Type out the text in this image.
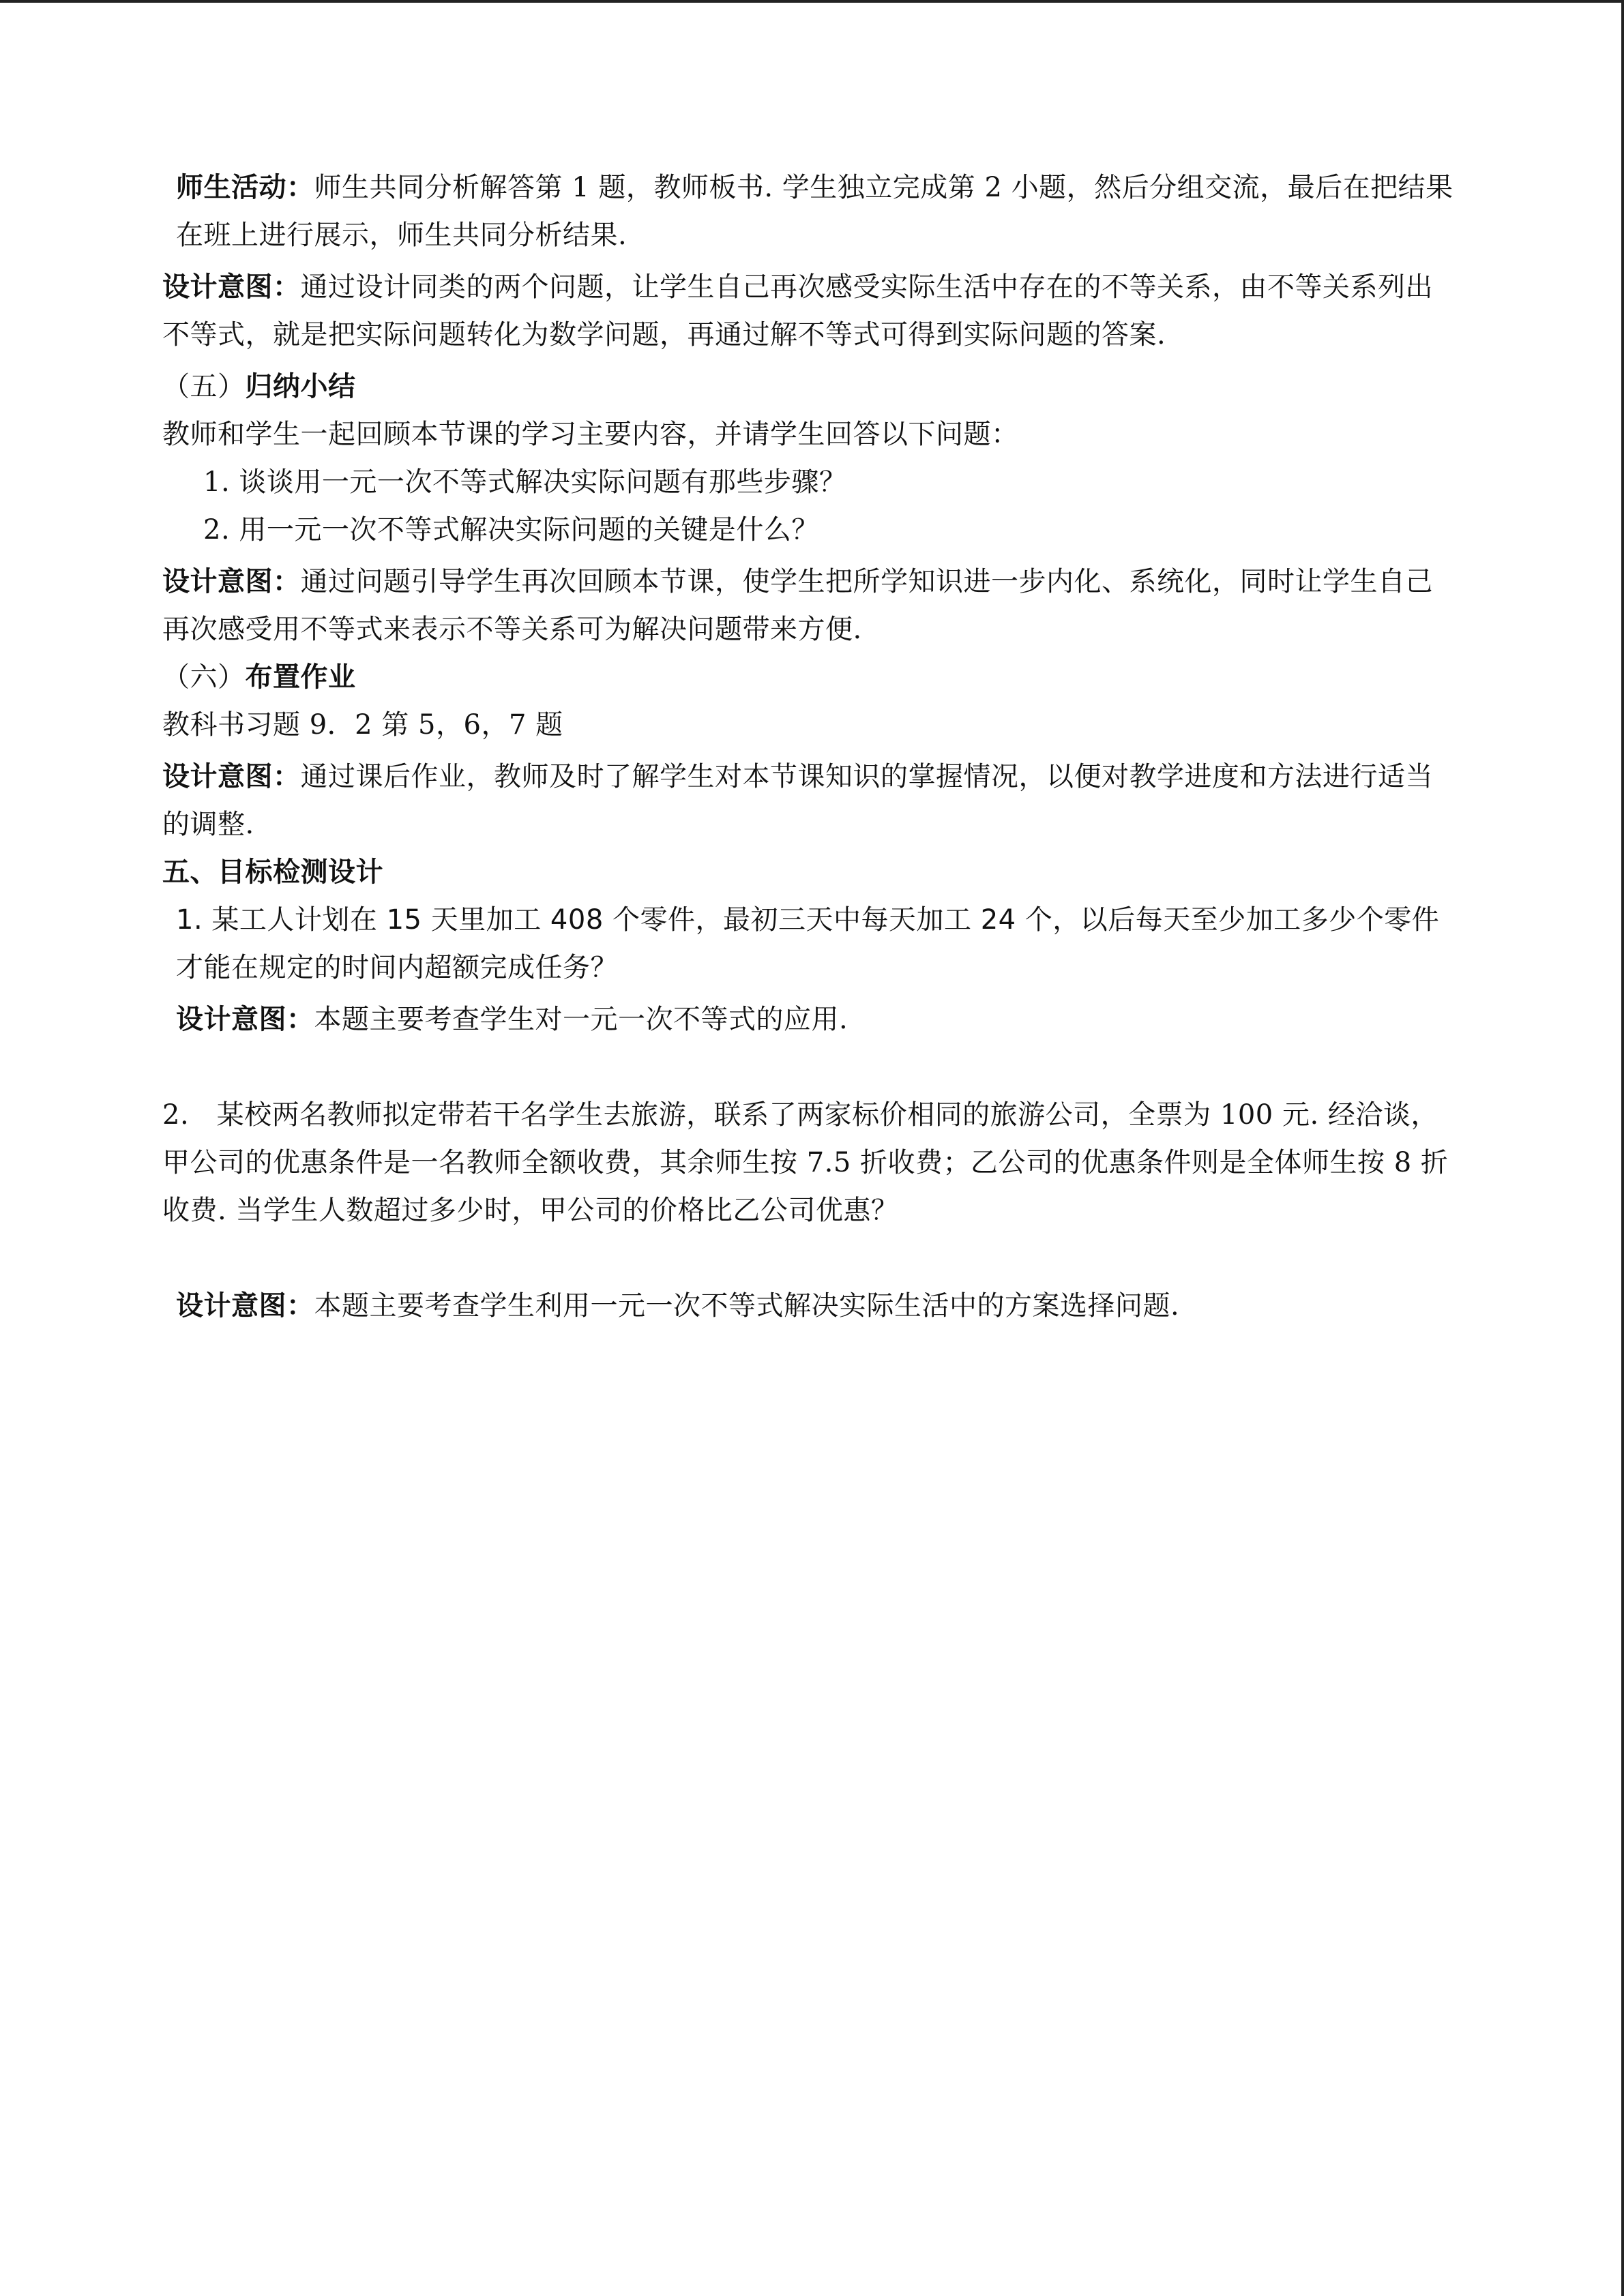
师生活动：师生共同分析解答第 1 题，教师板书. 学生独立完成第 2 小题，然后分组交流，最后在把结果在班上进行展示，师生共同分析结果.

设计意图：通过设计同类的两个问题，让学生自己再次感受实际生活中存在的不等关系，由不等关系列出不等式，就是把实际问题转化为数学问题，再通过解不等式可得到实际问题的答案.

（五）归纳小结

教师和学生一起回顾本节课的学习主要内容，并请学生回答以下问题：

1. 谈谈用一元一次不等式解决实际问题有那些步骤？

2. 用一元一次不等式解决实际问题的关键是什么？

设计意图：通过问题引导学生再次回顾本节课，使学生把所学知识进一步内化、系统化，同时让学生自己再次感受用不等式来表示不等关系可为解决问题带来方便.

（六）布置作业

教科书习题 9．2 第 5，6，7 题

设计意图：通过课后作业，教师及时了解学生对本节课知识的掌握情况，以便对教学进度和方法进行适当的调整.

五、目标检测设计

1. 某工人计划在 15 天里加工 408 个零件，最初三天中每天加工 24 个，以后每天至少加工多少个零件才能在规定的时间内超额完成任务？

设计意图：本题主要考查学生对一元一次不等式的应用.

2.　某校两名教师拟定带若干名学生去旅游，联系了两家标价相同的旅游公司，全票为 100 元. 经洽谈，甲公司的优惠条件是一名教师全额收费，其余师生按 7.5 折收费；乙公司的优惠条件则是全体师生按 8 折收费. 当学生人数超过多少时，甲公司的价格比乙公司优惠？

设计意图：本题主要考查学生利用一元一次不等式解决实际生活中的方案选择问题.
